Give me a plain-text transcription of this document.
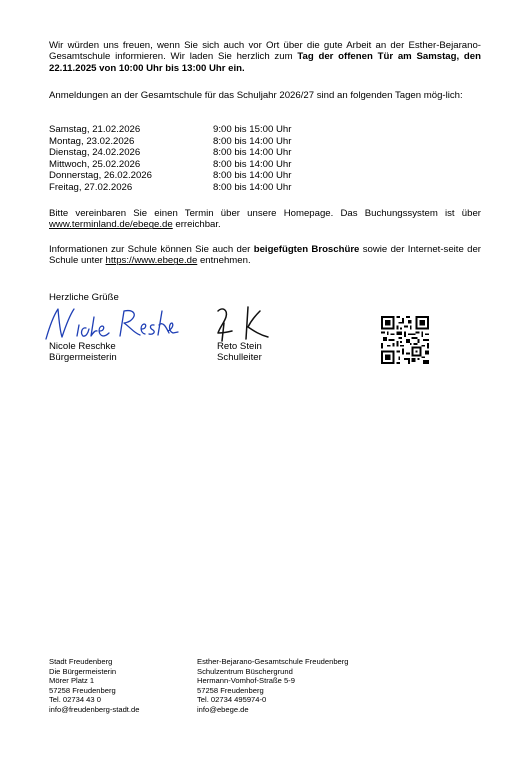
Wir würden uns freuen, wenn Sie sich auch vor Ort über die gute Arbeit an der Esther-Bejarano-Gesamtschule informieren. Wir laden Sie herzlich zum Tag der offenen Tür am Samstag, den 22.11.2025 von 10:00 Uhr bis 13:00 Uhr ein.

Anmeldungen an der Gesamtschule für das Schuljahr 2026/27 sind an folgenden Tagen mög-lich:

Samstag, 21.02.2026	9:00 bis 15:00 Uhr
Montag, 23.02.2026	8:00 bis 14:00 Uhr
Dienstag, 24.02.2026	8:00 bis 14:00 Uhr
Mittwoch, 25.02.2026	8:00 bis 14:00 Uhr
Donnerstag, 26.02.2026	8:00 bis 14:00 Uhr
Freitag, 27.02.2026	8:00 bis 14:00 Uhr

Bitte vereinbaren Sie einen Termin über unsere Homepage. Das Buchungssystem ist über www.terminland.de/ebege.de erreichbar.

Informationen zur Schule können Sie auch der beigefügten Broschüre sowie der Internet-seite der Schule unter https://www.ebege.de entnehmen.

Herzliche Grüße
Nicole Reschke
Bürgermeisterin
Reto Stein
Schulleiter
Stadt Freudenberg
Die Bürgermeisterin
Mörer Platz 1
57258 Freudenberg
Tel. 02734 43 0
info@freudenberg-stadt.de
Esther-Bejarano-Gesamtschule Freudenberg
Schulzentrum Büschergrund
Hermann-Vomhof-Straße 5-9
57258 Freudenberg
Tel. 02734 495974-0
info@ebege.de
